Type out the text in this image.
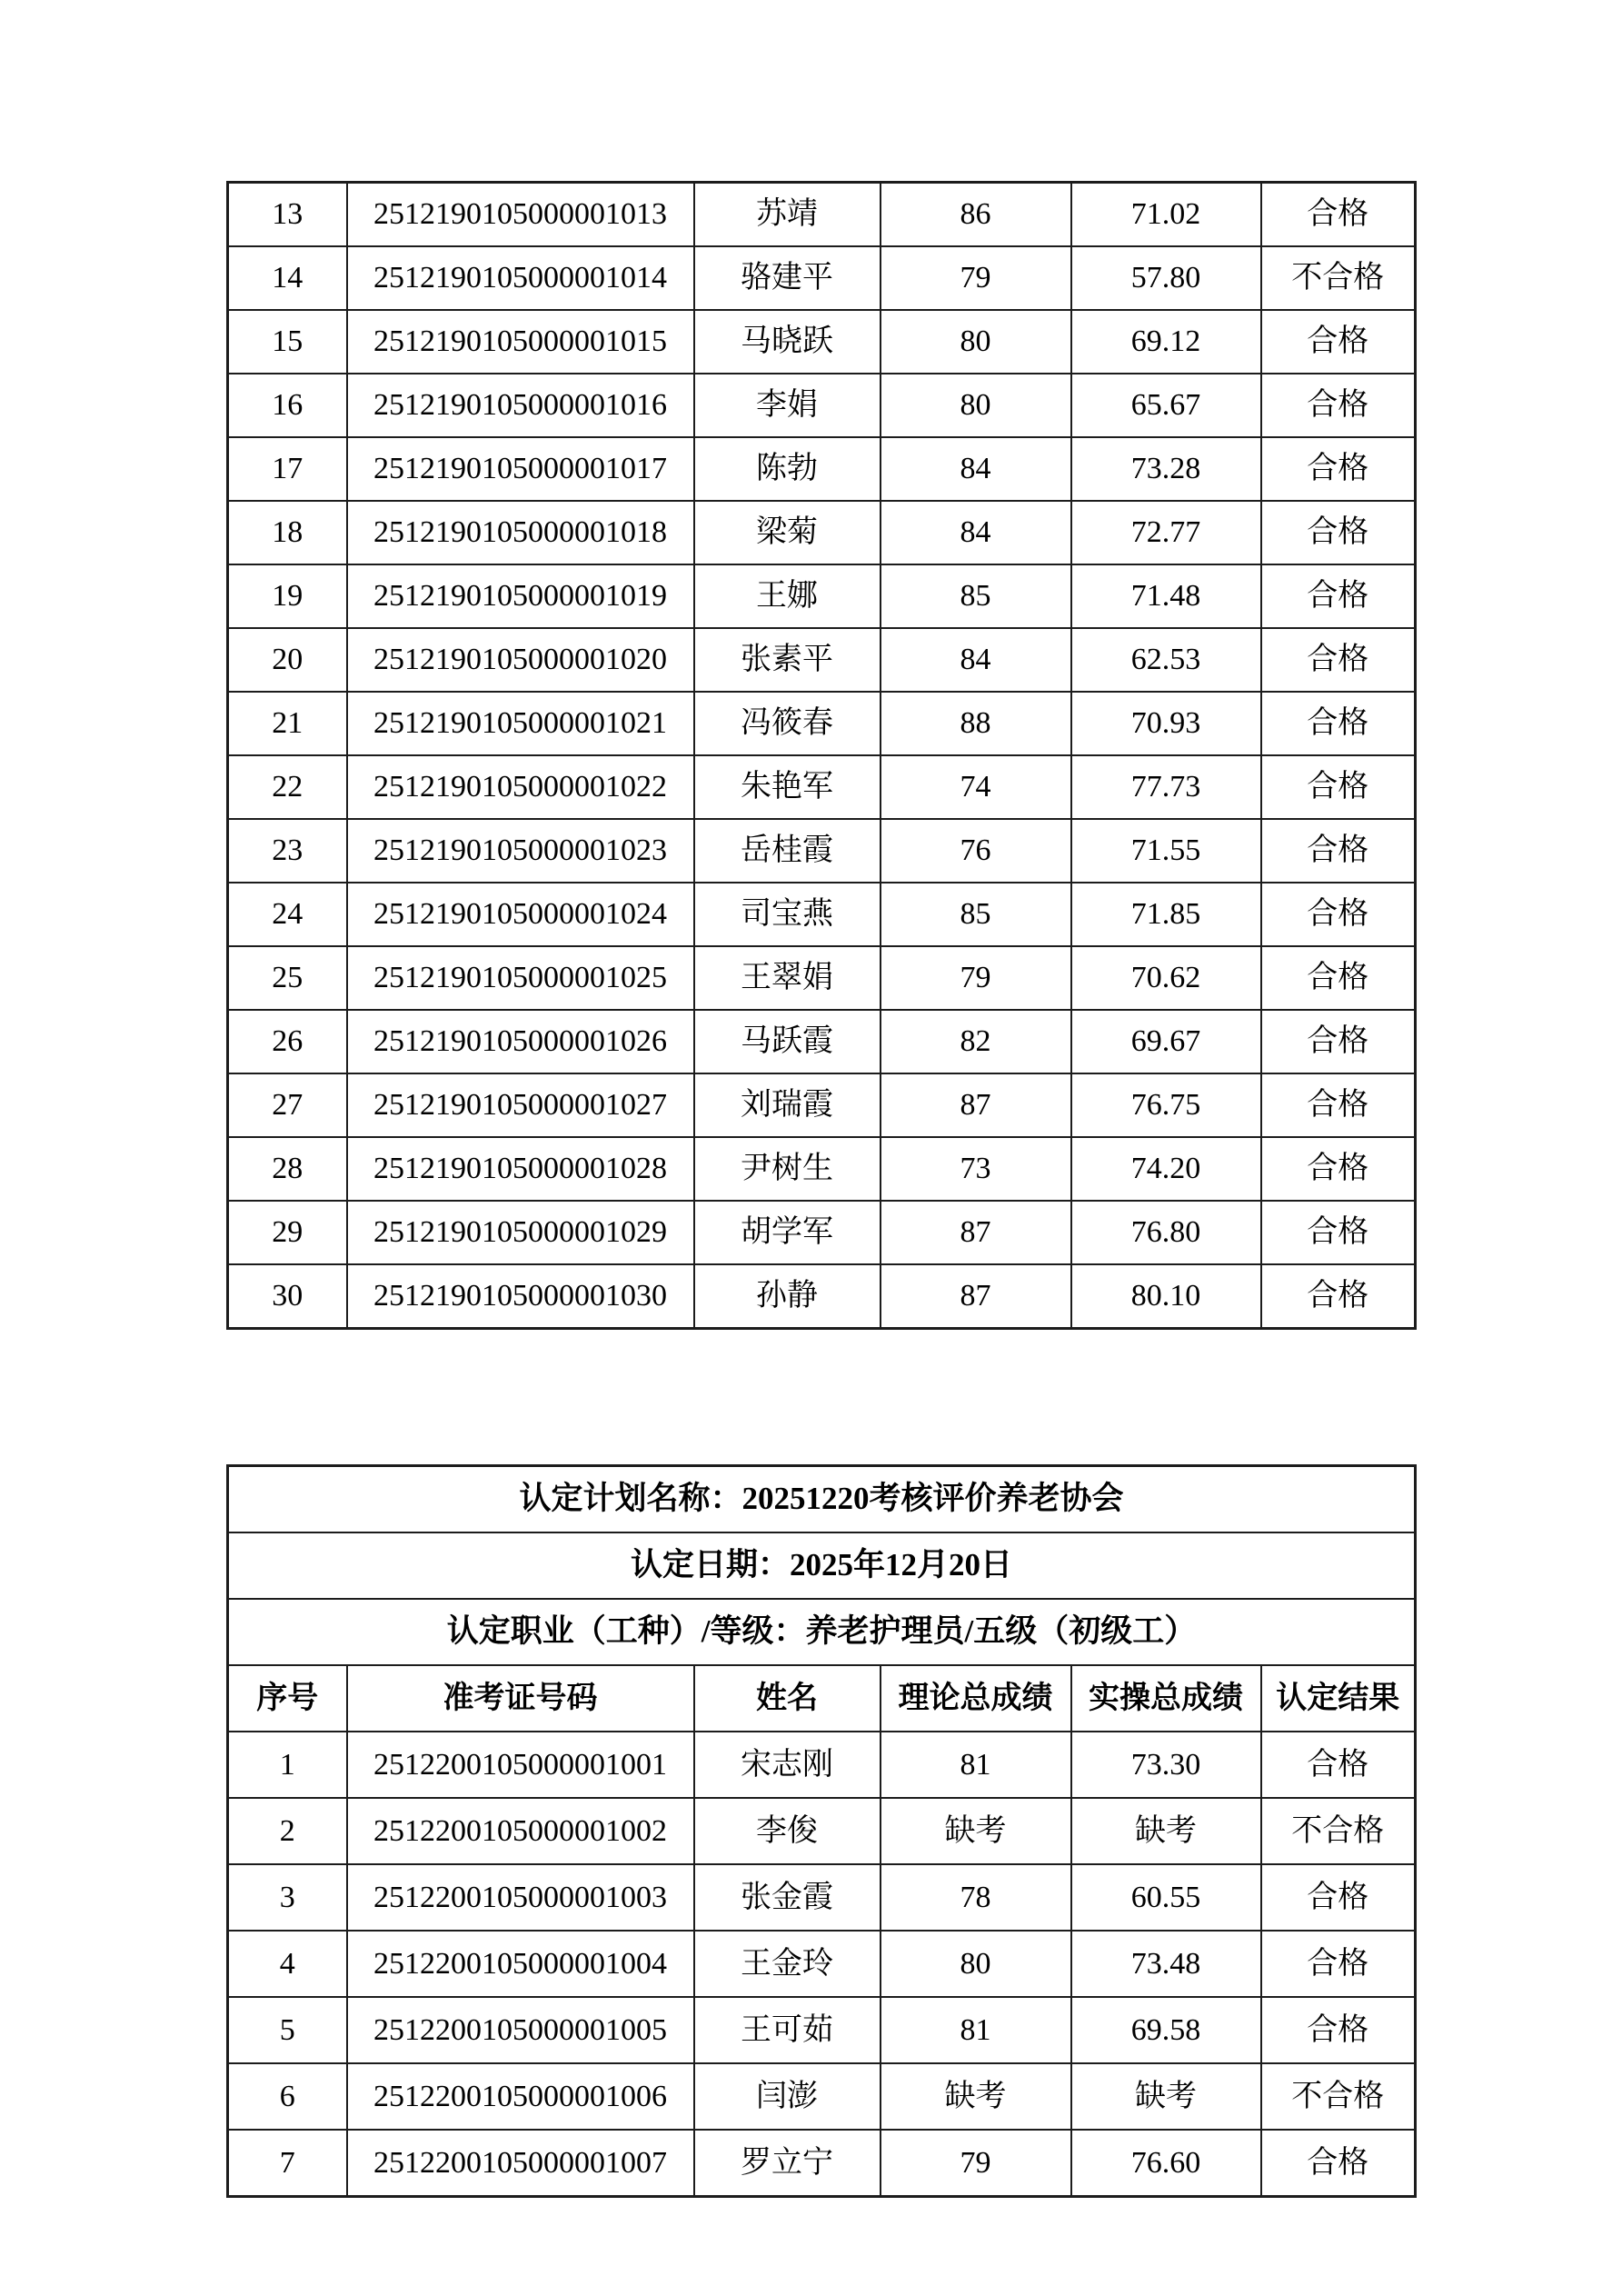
13	2512190105000001013	苏靖	86	71.02	合格
14	2512190105000001014	骆建平	79	57.80	不合格
15	2512190105000001015	马晓跃	80	69.12	合格
16	2512190105000001016	李娟	80	65.67	合格
17	2512190105000001017	陈勃	84	73.28	合格
18	2512190105000001018	梁菊	84	72.77	合格
19	2512190105000001019	王娜	85	71.48	合格
20	2512190105000001020	张素平	84	62.53	合格
21	2512190105000001021	冯筱春	88	70.93	合格
22	2512190105000001022	朱艳军	74	77.73	合格
23	2512190105000001023	岳桂霞	76	71.55	合格
24	2512190105000001024	司宝燕	85	71.85	合格
25	2512190105000001025	王翠娟	79	70.62	合格
26	2512190105000001026	马跃霞	82	69.67	合格
27	2512190105000001027	刘瑞霞	87	76.75	合格
28	2512190105000001028	尹树生	73	74.20	合格
29	2512190105000001029	胡学军	87	76.80	合格
30	2512190105000001030	孙静	87	80.10	合格
认定计划名称：20251220考核评价养老协会					
认定日期：2025年12月20日					
认定职业（工种）/等级：养老护理员/五级（初级工）					
序号	准考证号码	姓名	理论总成绩	实操总成绩	认定结果
1	2512200105000001001	宋志刚	81	73.30	合格
2	2512200105000001002	李俊	缺考	缺考	不合格
3	2512200105000001003	张金霞	78	60.55	合格
4	2512200105000001004	王金玲	80	73.48	合格
5	2512200105000001005	王可茹	81	69.58	合格
6	2512200105000001006	闫澎	缺考	缺考	不合格
7	2512200105000001007	罗立宁	79	76.60	合格
